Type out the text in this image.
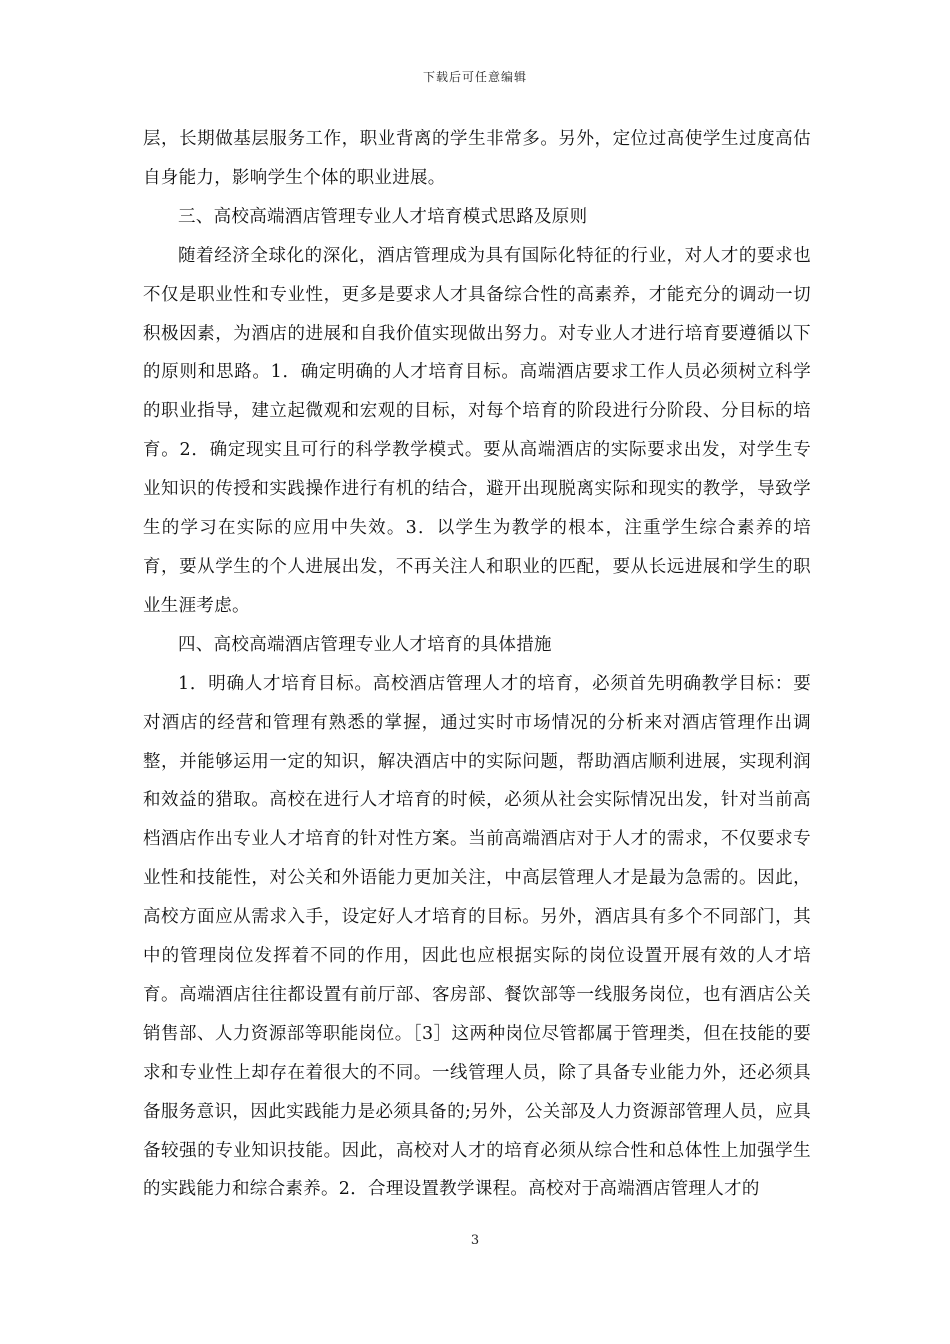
下载后可任意编辑

层，长期做基层服务工作，职业背离的学生非常多。另外，定位过高使学生过度高估自身能力，影响学生个体的职业进展。

三、高校高端酒店管理专业人才培育模式思路及原则

随着经济全球化的深化，酒店管理成为具有国际化特征的行业，对人才的要求也不仅是职业性和专业性，更多是要求人才具备综合性的高素养，才能充分的调动一切积极因素，为酒店的进展和自我价值实现做出努力。对专业人才进行培育要遵循以下的原则和思路。1．确定明确的人才培育目标。高端酒店要求工作人员必须树立科学的职业指导，建立起微观和宏观的目标，对每个培育的阶段进行分阶段、分目标的培育。2．确定现实且可行的科学教学模式。要从高端酒店的实际要求出发，对学生专业知识的传授和实践操作进行有机的结合，避开出现脱离实际和现实的教学，导致学生的学习在实际的应用中失效。3．以学生为教学的根本，注重学生综合素养的培育，要从学生的个人进展出发，不再关注人和职业的匹配，要从长远进展和学生的职业生涯考虑。

四、高校高端酒店管理专业人才培育的具体措施

1．明确人才培育目标。高校酒店管理人才的培育，必须首先明确教学目标：要对酒店的经营和管理有熟悉的掌握，通过实时市场情况的分析来对酒店管理作出调整，并能够运用一定的知识，解决酒店中的实际问题，帮助酒店顺利进展，实现利润和效益的猎取。高校在进行人才培育的时候，必须从社会实际情况出发，针对当前高档酒店作出专业人才培育的针对性方案。当前高端酒店对于人才的需求，不仅要求专业性和技能性，对公关和外语能力更加关注，中高层管理人才是最为急需的。因此，高校方面应从需求入手，设定好人才培育的目标。另外，酒店具有多个不同部门，其中的管理岗位发挥着不同的作用，因此也应根据实际的岗位设置开展有效的人才培育。高端酒店往往都设置有前厅部、客房部、餐饮部等一线服务岗位，也有酒店公关销售部、人力资源部等职能岗位。［3］这两种岗位尽管都属于管理类，但在技能的要求和专业性上却存在着很大的不同。一线管理人员，除了具备专业能力外，还必须具备服务意识，因此实践能力是必须具备的;另外，公关部及人力资源部管理人员，应具备较强的专业知识技能。因此，高校对人才的培育必须从综合性和总体性上加强学生的实践能力和综合素养。2．合理设置教学课程。高校对于高端酒店管理人才的

3
